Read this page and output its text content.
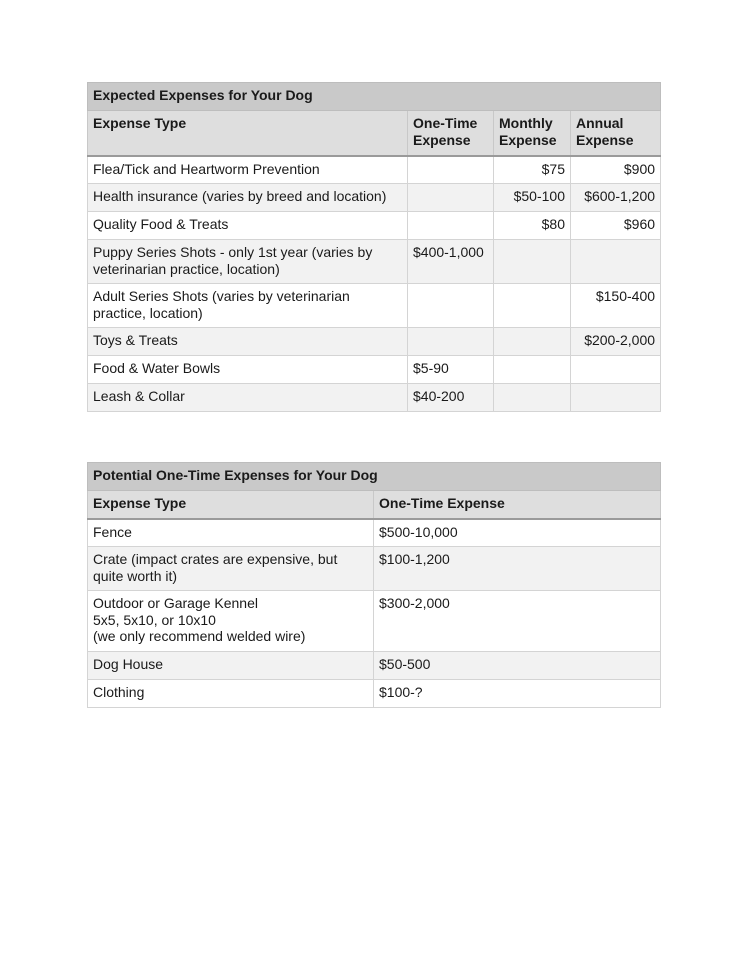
Expected Expenses for Your Dog			
Expense Type	One-Time Expense	Monthly Expense	Annual Expense
Flea/Tick and Heartworm Prevention		$75	$900
Health insurance (varies by breed and location)		$50-100	$600-1,200
Quality Food & Treats		$80	$960
Puppy Series Shots - only 1st year (varies by veterinarian practice, location)	$400-1,000		
Adult Series Shots (varies by veterinarian practice, location)			$150-400
Toys & Treats			$200-2,000
Food & Water Bowls	$5-90		
Leash & Collar	$40-200		
Potential One-Time Expenses for Your Dog	
Expense Type	One-Time Expense
Fence	$500-10,000
Crate (impact crates are expensive, but quite worth it)	$100-1,200
Outdoor or Garage Kennel
5x5, 5x10, or 10x10
(we only recommend welded wire)	$300-2,000
Dog House	$50-500
Clothing	$100-?
